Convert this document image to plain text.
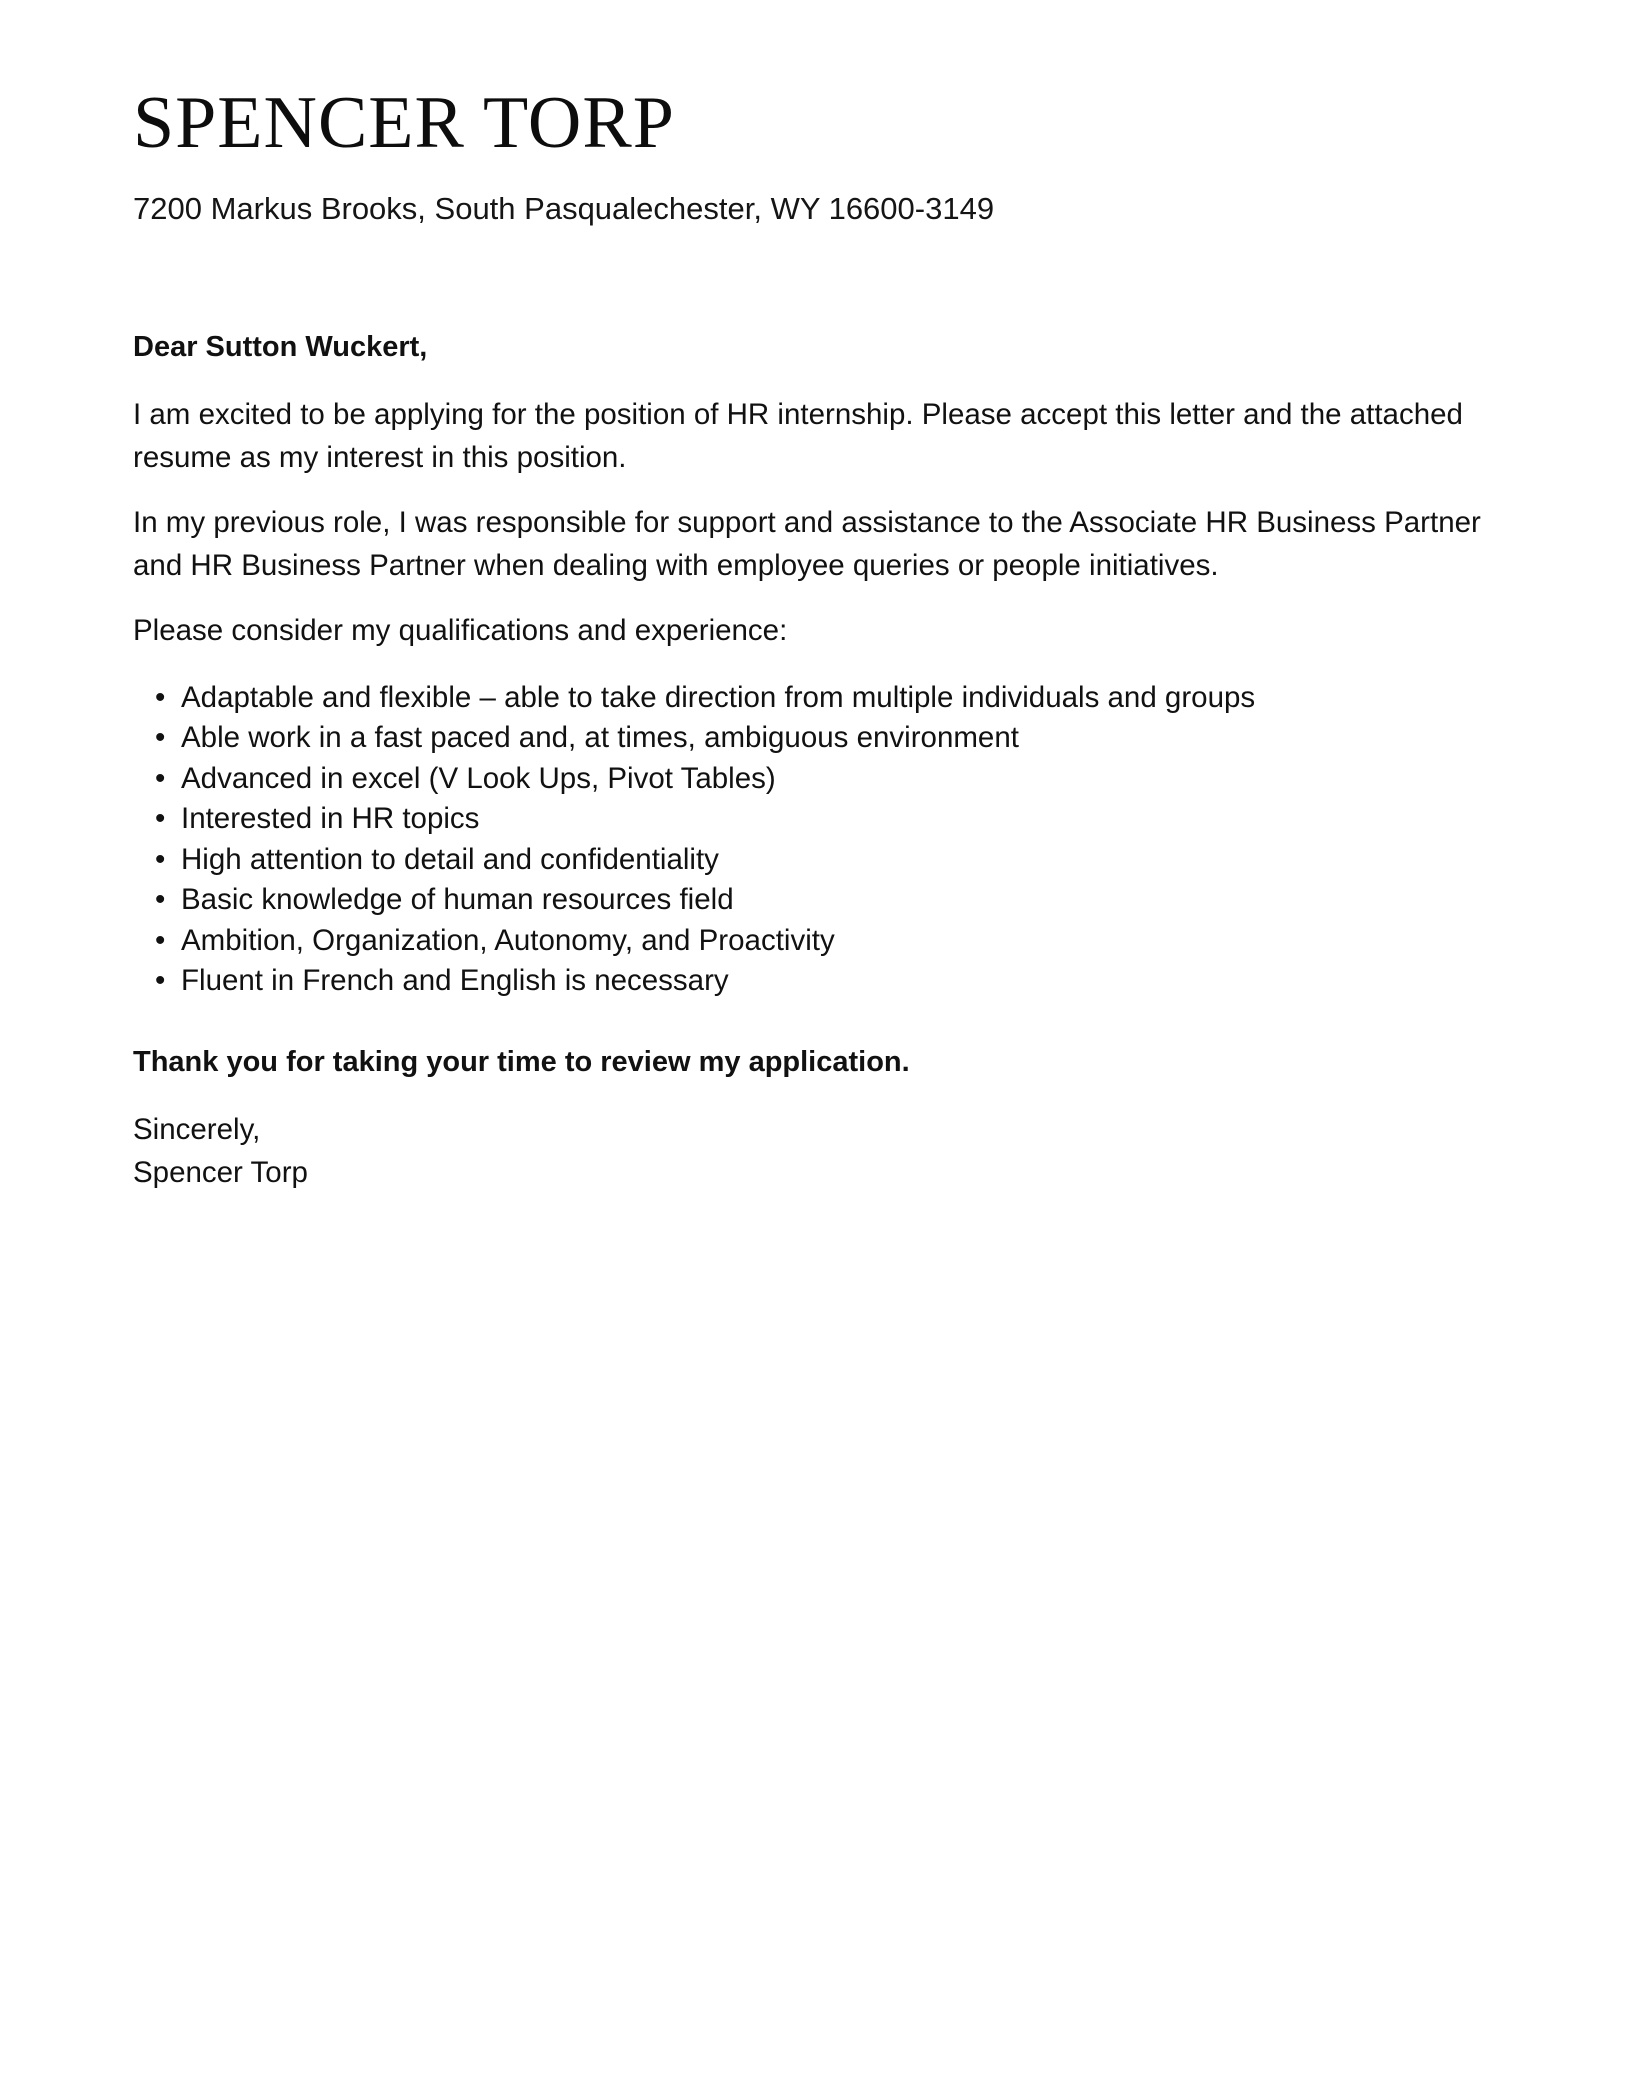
SPENCER TORP
7200 Markus Brooks, South Pasqualechester, WY 16600-3149
Dear Sutton Wuckert,
I am excited to be applying for the position of HR internship. Please accept this letter and the attached resume as my interest in this position.
In my previous role, I was responsible for support and assistance to the Associate HR Business Partner and HR Business Partner when dealing with employee queries or people initiatives.
Please consider my qualifications and experience:
• Adaptable and flexible – able to take direction from multiple individuals and groups
• Able work in a fast paced and, at times, ambiguous environment
• Advanced in excel (V Look Ups, Pivot Tables)
• Interested in HR topics
• High attention to detail and confidentiality
• Basic knowledge of human resources field
• Ambition, Organization, Autonomy, and Proactivity
• Fluent in French and English is necessary
Thank you for taking your time to review my application.
Sincerely,
Spencer Torp
